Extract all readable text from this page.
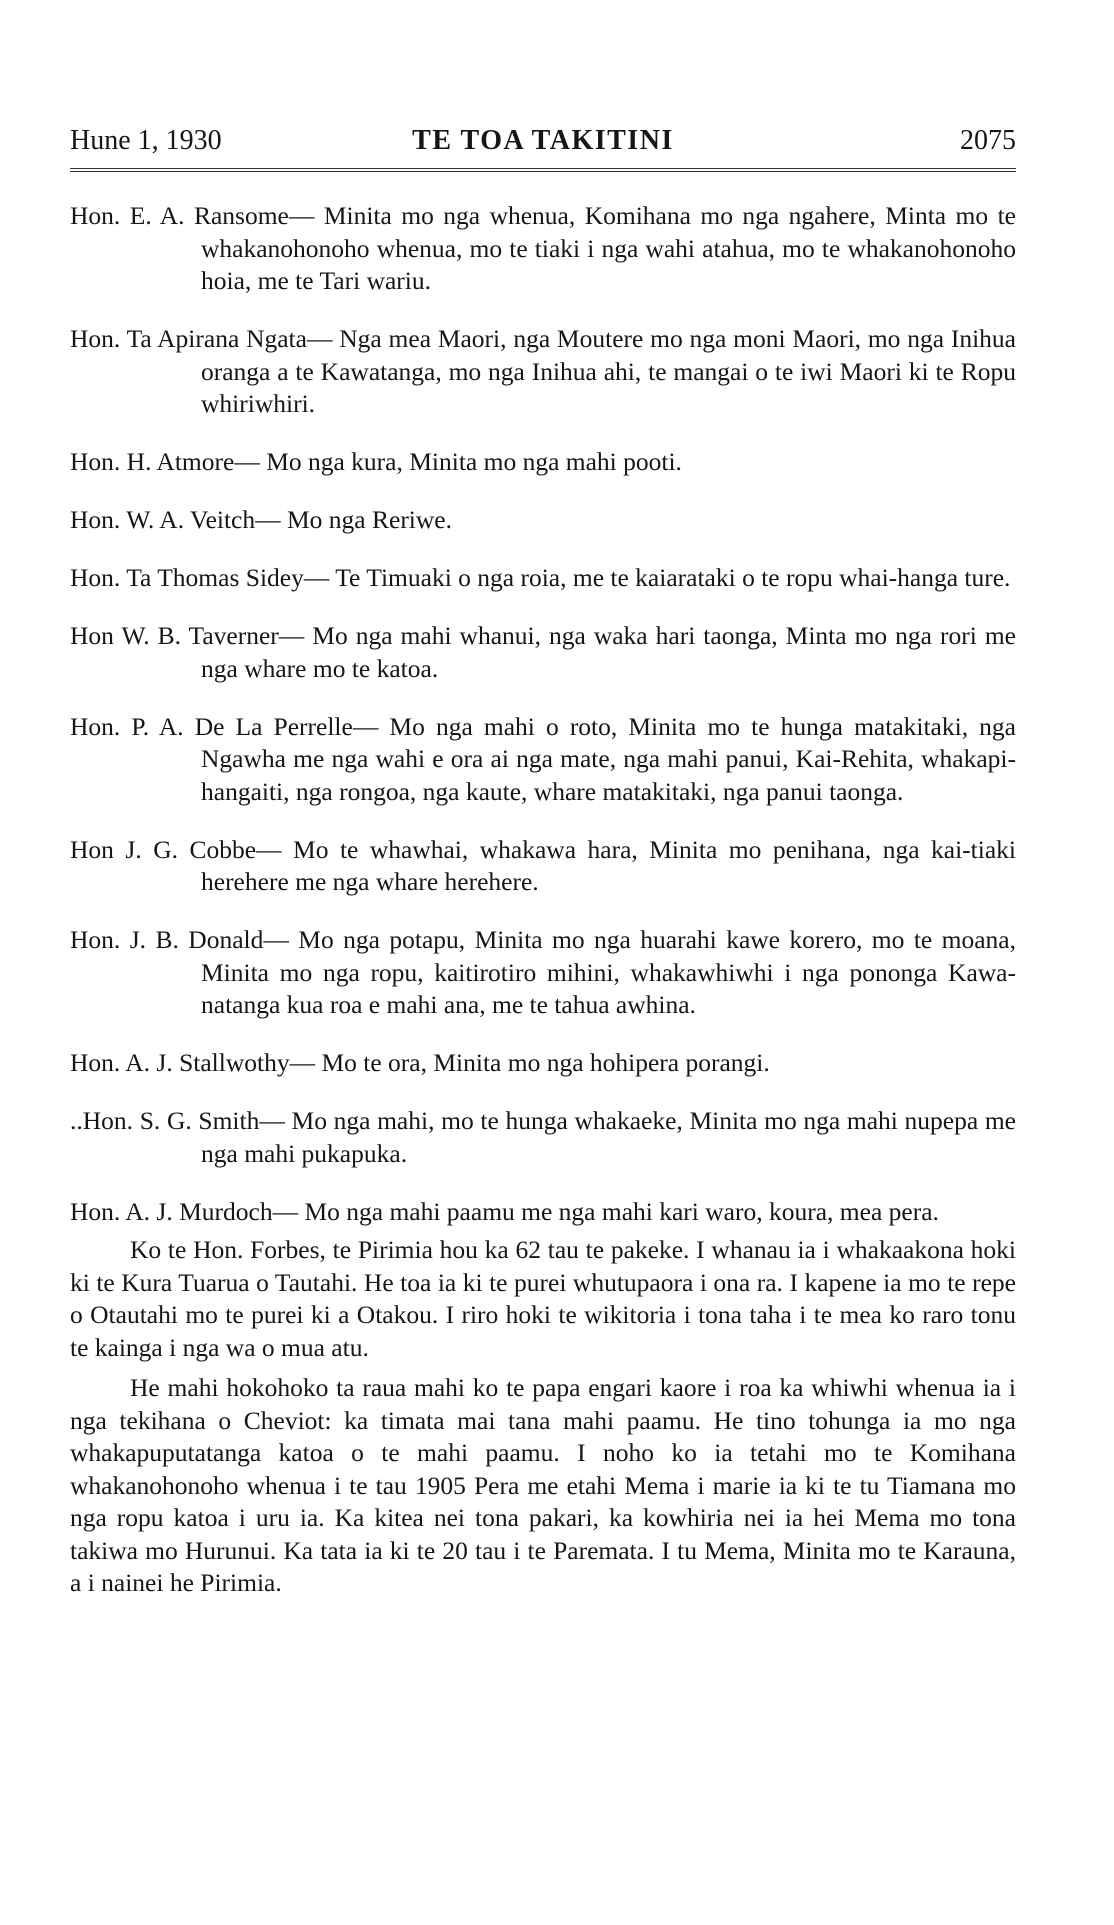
Hune 1, 1930	TE TOA TAKITINI	2075

Hon. E. A. Ransome— Minita mo nga whenua, Komihana mo nga ngahere, Minta mo te whakanohonoho whenua, mo te tiaki i nga wahi atahua, mo te whakanohonoho hoia, me te Tari wariu.

Hon. Ta Apirana Ngata— Nga mea Maori, nga Moutere mo nga moni Maori, mo nga Inihua oranga a te Kawatanga, mo nga Inihua ahi, te mangai o te iwi Maori ki te Ropu whiriwhiri.

Hon. H. Atmore— Mo nga kura, Minita mo nga mahi pooti.

Hon. W. A. Veitch— Mo nga Reriwe.

Hon. Ta Thomas Sidey— Te Timuaki o nga roia, me te kaiarataki o te ropu whai-hanga ture.

Hon W. B. Taverner— Mo nga mahi whanui, nga waka hari taonga, Minta mo nga rori me nga whare mo te katoa.

Hon. P. A. De La Perrelle— Mo nga mahi o roto, Minita mo te hunga matakitaki, nga Ngawha me nga wahi e ora ai nga mate, nga mahi panui, Kai-Rehita, whakapihangaiti, nga rongoa, nga kaute, whare matakitaki, nga panui taonga.

Hon J. G. Cobbe— Mo te whawhai, whakawa hara, Minita mo penihana, nga kai-tiaki herehere me nga whare herehere.

Hon. J. B. Donald— Mo nga potapu, Minita mo nga huarahi kawe korero, mo te moana, Minita mo nga ropu, kaitirotiro mihini, whakawhiwhi i nga ponongа Kawanatanga kua roa e mahi ana, me te tahua awhina.

Hon. A. J. Stallwothy— Mo te ora, Minita mo nga hohipera porangi.

..Hon. S. G. Smith— Mo nga mahi, mo te hunga whakaeke, Minita mo nga mahi nupepa me nga mahi pukapuka.

Hon. A. J. Murdoch— Mo nga mahi paamu me nga mahi kari waro, koura, mea pera.

Ko te Hon. Forbes, te Pirimia hou ka 62 tau te pakeke. I whanau ia i whakaakona hoki ki te Kura Tuarua o Tautahi. He toa ia ki te purei whutupaora i ona ra. I kapene ia mo te repe o Otautahi mo te purei ki a Otakou. I riro hoki te wikitoria i tona taha i te mea ko raro tonu te kainga i nga wa o mua atu.

He mahi hokohoko ta raua mahi ko te papa engari kaore i roa ka whiwhi whenua ia i nga tekihana o Cheviot: ka timata mai tana mahi paamu. He tino tohunga ia mo nga whakapuputatanga katoa o te mahi paamu. I noho ko ia tetahi mo te Komihana whakanohonoho whenua i te tau 1905 Pera me etahi Mema i marie ia ki te tu Tiamana mo nga ropu katoa i uru ia. Ka kitea nei tona pakari, ka kowhiria nei ia hei Mema mo tona takiwa mo Hurunui. Ka tata ia ki te 20 tau i te Paremata. I tu Mema, Minita mo te Karauna, a i nainei he Pirimia.
